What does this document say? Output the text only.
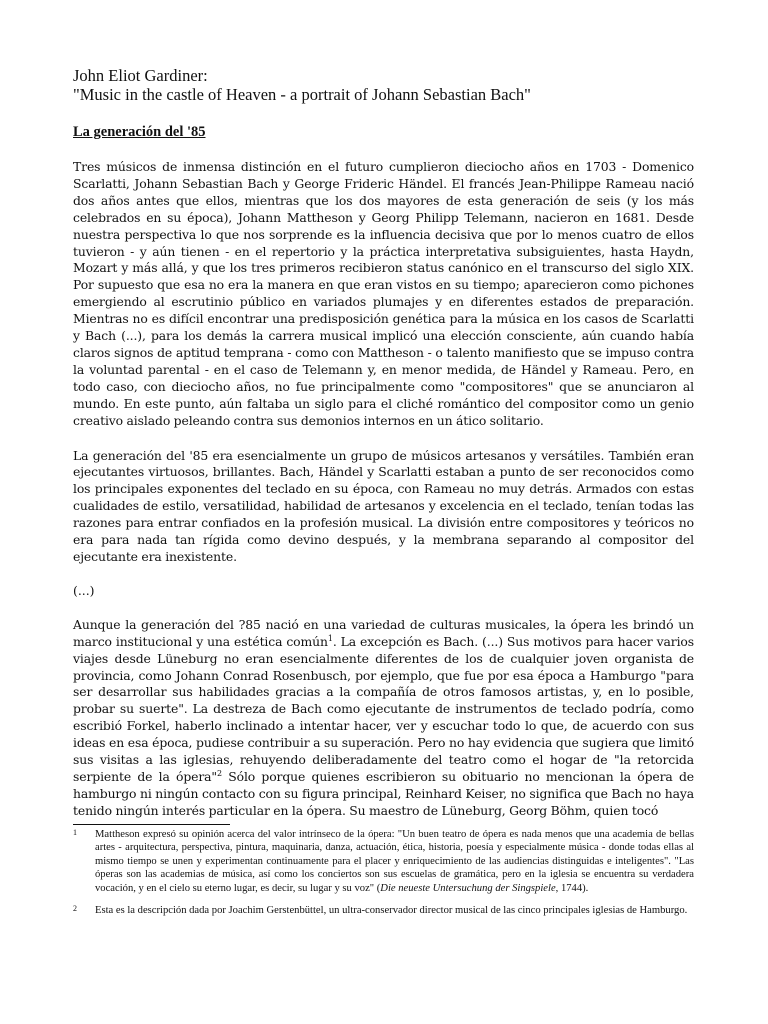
John Eliot Gardiner:

"Music in the castle of Heaven - a portrait of Johann Sebastian Bach"

La generación del '85

Tres músicos de inmensa distinción en el futuro cumplieron dieciocho años en 1703 - Domenico Scarlatti, Johann Sebastian Bach y George Frideric Händel. El francés Jean-Philippe Rameau nació dos años antes que ellos, mientras que los dos mayores de esta generación de seis (y los más celebrados en su época), Johann Mattheson y Georg Philipp Telemann, nacieron en 1681. Desde nuestra perspectiva lo que nos sorprende es la influencia decisiva que por lo menos cuatro de ellos tuvieron - y aún tienen - en el repertorio y la práctica interpretativa subsiguientes, hasta Haydn, Mozart y más allá, y que los tres primeros recibieron status canónico en el transcurso del siglo XIX. Por supuesto que esa no era la manera en que eran vistos en su tiempo; aparecieron como pichones emergiendo al escrutinio público en variados plumajes y en diferentes estados de preparación. Mientras no es difícil encontrar una predisposición genética para la música en los casos de Scarlatti y Bach (...), para los demás la carrera musical implicó una elección consciente, aún cuando había claros signos de aptitud temprana - como con Mattheson - o talento manifiesto que se impuso contra la voluntad parental - en el caso de Telemann y, en menor medida, de Händel y Rameau. Pero, en todo caso, con dieciocho años, no fue principalmente como "compositores" que se anunciaron al mundo. En este punto, aún faltaba un siglo para el cliché romántico del compositor como un genio creativo aislado peleando contra sus demonios internos en un ático solitario.

La generación del '85 era esencialmente un grupo de músicos artesanos y versátiles. También eran ejecutantes virtuosos, brillantes. Bach, Händel y Scarlatti estaban a punto de ser reconocidos como los principales exponentes del teclado en su época, con Rameau no muy detrás. Armados con estas cualidades de estilo, versatilidad, habilidad de artesanos y excelencia en el teclado, tenían todas las razones para entrar confiados en la profesión musical. La división entre compositores y teóricos no era para nada tan rígida como devino después, y la membrana separando al compositor del ejecutante era inexistente.

(...)

Aunque la generación del ?85 nació en una variedad de culturas musicales, la ópera les brindó un marco institucional y una estética común$^1$. La excepción es Bach. (...) Sus motivos para hacer varios viajes desde Lüneburg no eran esencialmente diferentes de los de cualquier joven organista de provincia, como Johann Conrad Rosenbusch, por ejemplo, que fue por esa época a Hamburgo "para ser desarrollar sus habilidades gracias a la compañía de otros famosos artistas, y, en lo posible, probar su suerte". La destreza de Bach como ejecutante de instrumentos de teclado podría, como escribió Forkel, haberlo inclinado a intentar hacer, ver y escuchar todo lo que, de acuerdo con sus ideas en esa época, pudiese contribuir a su superación. Pero no hay evidencia que sugiera que limitó sus visitas a las iglesias, rehuyendo deliberadamente del teatro como el hogar de "la retorcida serpiente de la ópera"$^2$ Sólo porque quienes escribieron su obituario no mencionan la ópera de hamburgo ni ningún contacto con su figura principal, Reinhard Keiser, no significa que Bach no haya tenido ningún interés particular en la ópera. Su maestro de Lüneburg, Georg Böhm, quien tocó

1	Mattheson expresó su opinión acerca del valor intrínseco de la ópera: "Un buen teatro de ópera es nada menos que una academia de bellas artes - arquitectura, perspectiva, pintura, maquinaria, danza, actuación, ética, historia, poesía y especialmente música - donde todas ellas al mismo tiempo se unen y experimentan continuamente para el placer y enriquecimiento de las audiencias distinguidas e inteligentes". "Las óperas son las academias de música, así como los conciertos son sus escuelas de gramática, pero en la iglesia se encuentra su verdadera vocación, y en el cielo su eterno lugar, es decir, su lugar y su voz" (Die neueste Untersuchung der Singspiele, 1744).
2	Esta es la descripción dada por Joachim Gerstenbüttel, un ultra-conservador director musical de las cinco principales iglesias de Hamburgo.
